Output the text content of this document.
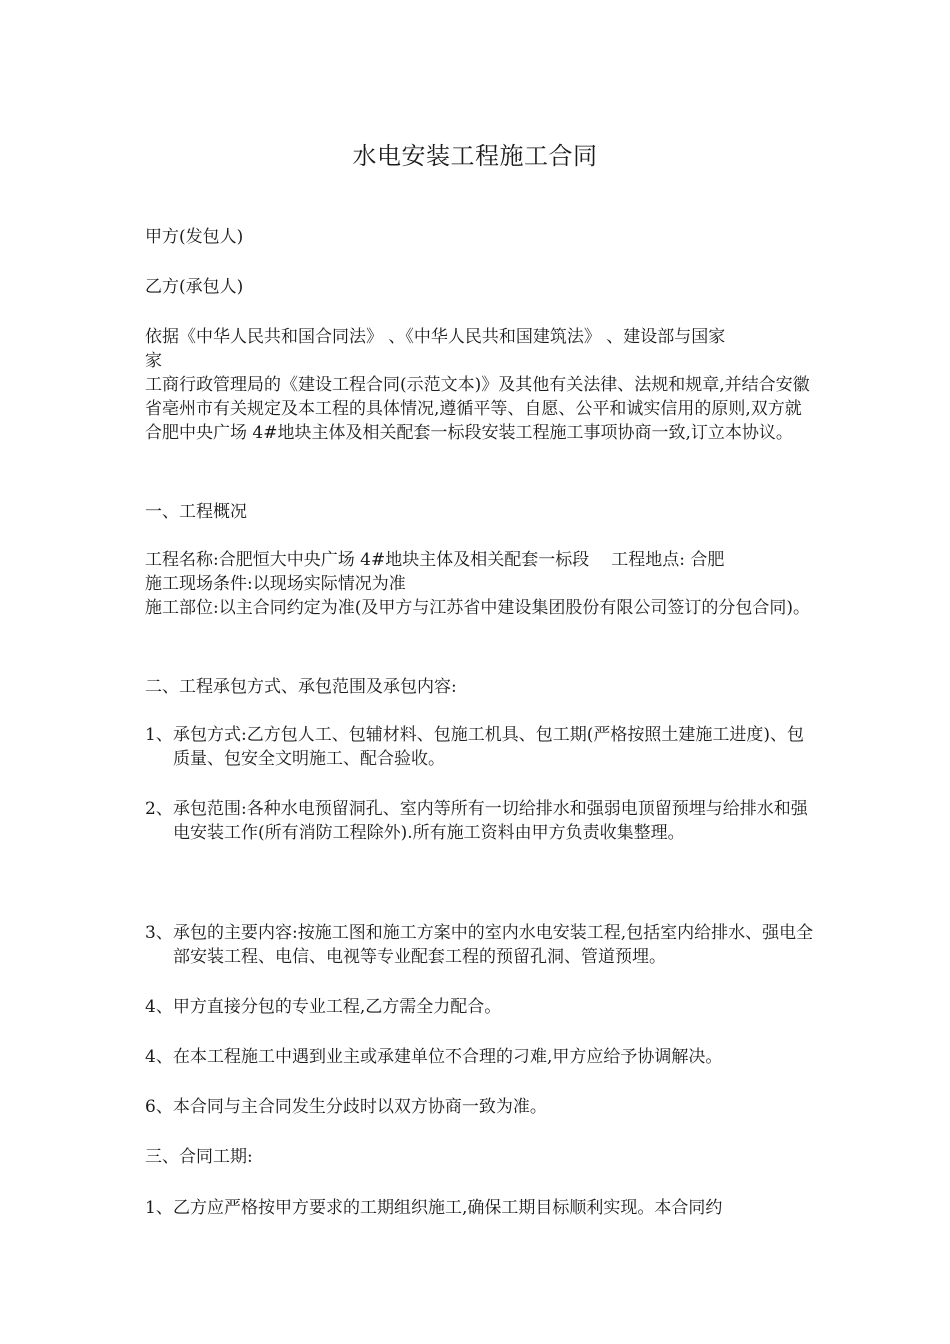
水电安装工程施工合同
甲方(发包人)
乙方(承包人)
依据《中华人民共和国合同法》 、《中华人民共和国建筑法》 、建设部与国家
家
工商行政管理局的《建设工程合同(示范文本)》及其他有关法律、法规和规章,并结合安徽省亳州市有关规定及本工程的具体情况,遵循平等、自愿、公平和诚实信用的原则,双方就合肥中央广场 4#地块主体及相关配套一标段安装工程施工事项协商一致,订立本协议。
一、工程概况
工程名称:合肥恒大中央广场 4#地块主体及相关配套一标段 工程地点: 合肥
施工现场条件:以现场实际情况为准
施工部位:以主合同约定为准(及甲方与江苏省中建设集团股份有限公司签订的分包合同)。
二、工程承包方式、承包范围及承包内容:
1、 承包方式:乙方包人工、包辅材料、包施工机具、包工期(严格按照土建施工进度)、包质量、包安全文明施工、配合验收。
2、 承包范围:各种水电预留洞孔、室内等所有一切给排水和强弱电顶留预埋与给排水和强电安装工作(所有消防工程除外).所有施工资料由甲方负责收集整理。
3、 承包的主要内容:按施工图和施工方案中的室内水电安装工程,包括室内给排水、强电全部安装工程、电信、电视等专业配套工程的预留孔洞、管道预埋。
4、甲方直接分包的专业工程,乙方需全力配合。
4、 在本工程施工中遇到业主或承建单位不合理的刁难,甲方应给予协调解决。
6、本合同与主合同发生分歧时以双方协商一致为准。
三、合同工期:
1、 乙方应严格按甲方要求的工期组织施工,确保工期目标顺利实现。本合同约
